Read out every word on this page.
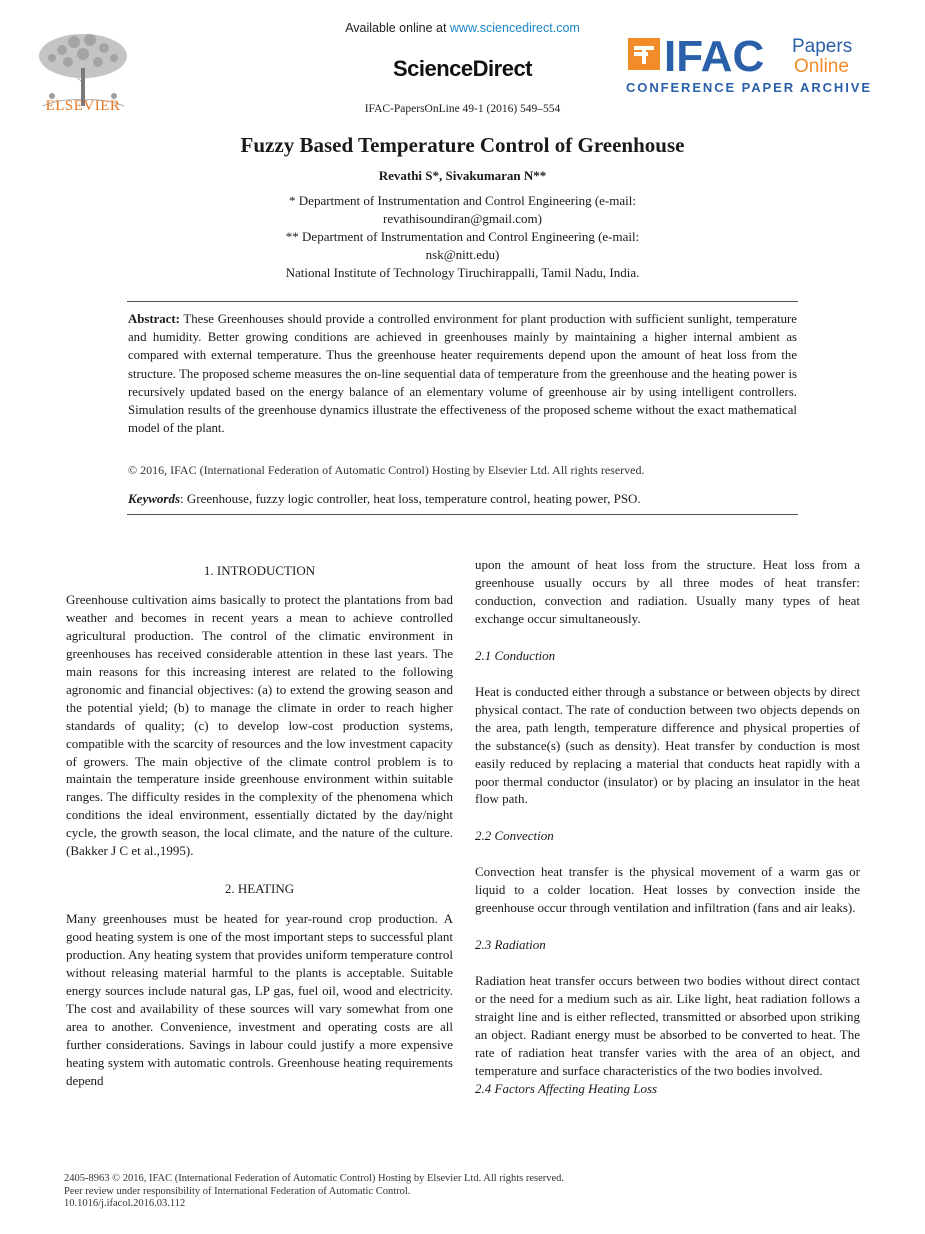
ELSEVIER
Available online at www.sciencedirect.com
ScienceDirect
IFAC-PapersOnLine 49-1 (2016) 549–554
IFAC Papers
Online
CONFERENCE PAPER ARCHIVE
Fuzzy Based Temperature Control of Greenhouse
Revathi S*, Sivakumaran N**
* Department of Instrumentation and Control Engineering (e-mail:
revathisoundiran@gmail.com)
** Department of Instrumentation and Control Engineering (e-mail:
nsk@nitt.edu)
National Institute of Technology Tiruchirappalli, Tamil Nadu, India.
Abstract: These Greenhouses should provide a controlled environment for plant production with sufficient sunlight, temperature and humidity. Better growing conditions are achieved in greenhouses mainly by maintaining a higher internal ambient as compared with external temperature. Thus the greenhouse heater requirements depend upon the amount of heat loss from the structure. The proposed scheme measures the on-line sequential data of temperature from the greenhouse and the heating power is recursively updated based on the energy balance of an elementary volume of greenhouse air by using intelligent controllers. Simulation results of the greenhouse dynamics illustrate the effectiveness of the proposed scheme without the exact mathematical model of the plant.
© 2016, IFAC (International Federation of Automatic Control) Hosting by Elsevier Ltd. All rights reserved.
Keywords: Greenhouse, fuzzy logic controller, heat loss, temperature control, heating power, PSO.
1. INTRODUCTION

Greenhouse cultivation aims basically to protect the plantations from bad weather and becomes in recent years a mean to achieve controlled agricultural production. The control of the climatic environment in greenhouses has received considerable attention in these last years. The main reasons for this increasing interest are related to the following agronomic and financial objectives: (a) to extend the growing season and the potential yield; (b) to manage the climate in order to reach higher standards of quality; (c) to develop low-cost production systems, compatible with the scarcity of resources and the low investment capacity of growers. The main objective of the climate control problem is to maintain the temperature inside greenhouse environment within suitable ranges. The difficulty resides in the complexity of the phenomena which conditions the ideal environment, essentially dictated by the day/night cycle, the growth season, the local climate, and the nature of the culture. (Bakker J C et al.,1995).

2. HEATING

Many greenhouses must be heated for year-round crop production. A good heating system is one of the most important steps to successful plant production. Any heating system that provides uniform temperature control without releasing material harmful to the plants is acceptable. Suitable energy sources include natural gas, LP gas, fuel oil, wood and electricity. The cost and availability of these sources will vary somewhat from one area to another. Convenience, investment and operating costs are all further considerations. Savings in labour could justify a more expensive heating system with automatic controls. Greenhouse heating requirements depend

upon the amount of heat loss from the structure. Heat loss from a greenhouse usually occurs by all three modes of heat transfer: conduction, convection and radiation. Usually many types of heat exchange occur simultaneously.

2.1 Conduction

Heat is conducted either through a substance or between objects by direct physical contact. The rate of conduction between two objects depends on the area, path length, temperature difference and physical properties of the substance(s) (such as density). Heat transfer by conduction is most easily reduced by replacing a material that conducts heat rapidly with a poor thermal conductor (insulator) or by placing an insulator in the heat flow path.

2.2 Convection

Convection heat transfer is the physical movement of a warm gas or liquid to a colder location. Heat losses by convection inside the greenhouse occur through ventilation and infiltration (fans and air leaks).

2.3 Radiation

Radiation heat transfer occurs between two bodies without direct contact or the need for a medium such as air. Like light, heat radiation follows a straight line and is either reflected, transmitted or absorbed upon striking an object. Radiant energy must be absorbed to be converted to heat. The rate of radiation heat transfer varies with the area of an object, and temperature and surface characteristics of the two bodies involved.

2.4 Factors Affecting Heating Loss

2405-8963 © 2016, IFAC (International Federation of Automatic Control) Hosting by Elsevier Ltd. All rights reserved.
Peer review under responsibility of International Federation of Automatic Control.
10.1016/j.ifacol.2016.03.112
